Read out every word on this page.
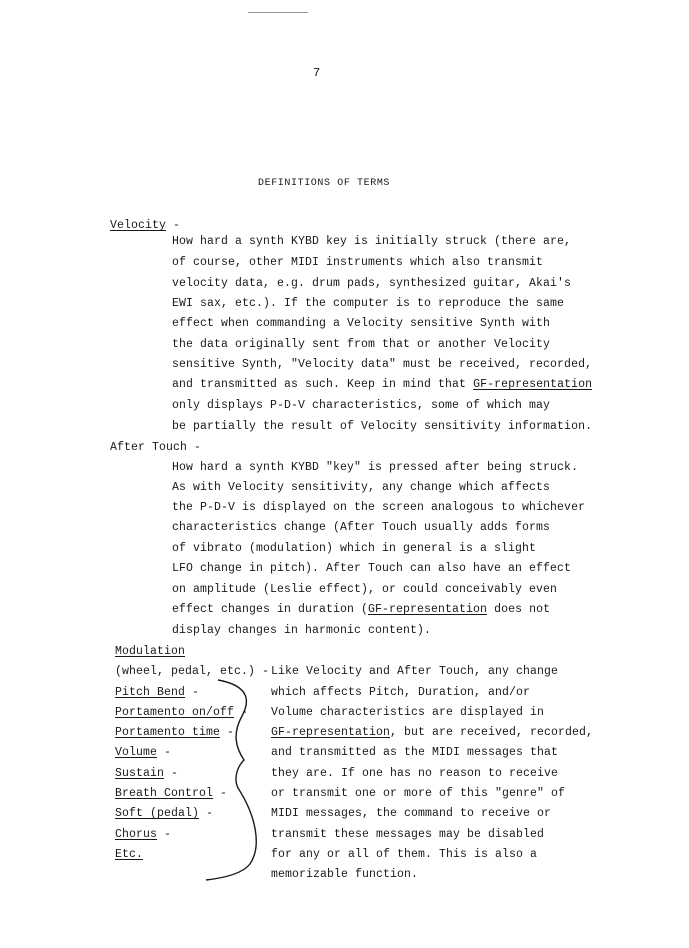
7
DEFINITIONS OF TERMS
Velocity -
How hard a synth KYBD key is initially struck (there are,
of course, other MIDI instruments which also transmit
velocity data, e.g. drum pads, synthesized guitar, Akai's
EWI sax, etc.). If the computer is to reproduce the same
effect when commanding a Velocity sensitive Synth with
the data originally sent from that or another Velocity
sensitive Synth, "Velocity data" must be received, recorded,
and transmitted as such. Keep in mind that GF-representation
only displays P-D-V characteristics, some of which may
be partially the result of Velocity sensitivity information.
After Touch -
How hard a synth KYBD "key" is pressed after being struck.
As with Velocity sensitivity, any change which affects
the P-D-V is displayed on the screen analogous to whichever
characteristics change (After Touch usually adds forms
of vibrato (modulation) which in general is a slight
LFO change in pitch). After Touch can also have an effect
on amplitude (Leslie effect), or could conceivably even
effect changes in duration (GF-representation does not
display changes in harmonic content).
Modulation
(wheel, pedal, etc.) -
Pitch Bend -
Portamento on/off -
Portamento time -
Volume -
Sustain -
Breath Control -
Soft (pedal) -
Chorus -
Etc.
Like Velocity and After Touch, any change
which affects Pitch, Duration, and/or
Volume characteristics are displayed in
GF-representation, but are received, recorded,
and transmitted as the MIDI messages that
they are. If one has no reason to receive
or transmit one or more of this "genre" of
MIDI messages, the command to receive or
transmit these messages may be disabled
for any or all of them. This is also a
memorizable function.
